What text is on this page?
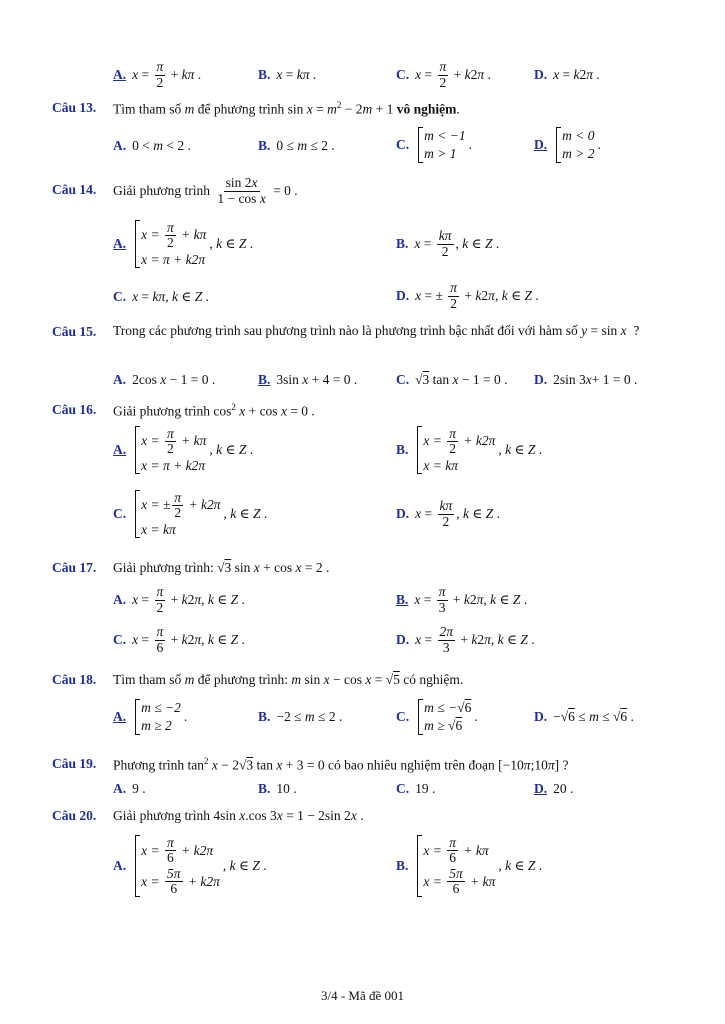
A. $x = \frac{\pi}{2} + k\pi$ .	B. x = kπ .	C. $x = \frac{\pi}{2} + k$ 2 π .	D. x = k 2 π .
Câu 13. Tìm tham số m để phương trình $\sin x = m^2 - 2m + 1$ vô nghiệm.
A. 0 < m < 2 .	B. 0 ≤ m ≤ 2 .	C.
m < −1
m > 1
.	D.
m < 0
m > 2
.
Câu 14. Giải phương trình $\frac{\sin 2x}{\text{1 − cos x}} = 0$ .
A.
$x = \frac{\pi}{2} + k\pi$
x = π + k2π
, k ∈ Z .	B. $x = \frac{k\pi}{2}$ , k ∈ Z .
C. x = kπ , k ∈ Z .	D. x = ± $\frac{\pi}{2} + k$ 2 π , k ∈ Z .
Câu 15. Trong các phương trình sau phương trình nào là phương trình bậc nhất đối với hàm số y = sin x  ?
A. 2cos x − 1 = 0 .	B. 3sin x + 4 = 0 .	C. √ 3 tan x − 1 = 0 . D. 2sin 3 x + 1 = 0 .
Câu 16. Giải phương trình $\cos^2 x + \cos x = 0$ .
A.
$x = \frac{\pi}{2} + k\pi$
x = π + k2π
, k ∈ Z .	B.
$x = \frac{\pi}{2} + k2\pi$
x = kπ
, k ∈ Z .
C.
x = ± $\frac{\pi}{2} + k2\pi$
x = kπ
, k ∈ Z .	D. $x = \frac{k\pi}{2}$ , k ∈ Z .
Câu 17. Giải phương trình: √3 sin x + cos x = 2 .
A. $x = \frac{\pi}{2} + k$ 2 π , k ∈ Z .	B. $x = \frac{\pi}{3} + k$ 2 π , k ∈ Z .
C. $x = \frac{\pi}{6} + k$ 2 π , k ∈ Z .	D. $x = \frac{2\pi}{3} + k$ 2 π , k ∈ Z .
Câu 18. Tìm tham số m để phương trình: m sin x − cos x = √5 có nghiệm.
A.
m ≤ −2
m ≥ 2
.	B. −2 ≤ m ≤ 2 .	C.
m ≤ −√ 6
m ≥ √ 6
.	D. −√ 6 ≤ m ≤ √ 6 .
Câu 19. Phương trình $\tan^2 x - 2√3$ tan x + 3 = 0 có bao nhiêu nghiệm trên đoạn [−10π;10π] ?
A. 9 .	B. 10 .	C. 19 .	D. 20 .
Câu 20. Giải phương trình 4sin x.cos 3x = 1 − 2sin 2x .
A.
$x = \frac{\pi}{6} + k2\pi$
$x = \frac{5\pi}{6} + k2\pi$
, k ∈ Z .	B.
$x = \frac{\pi}{6} + k\pi$
$x = \frac{5\pi}{6} + k\pi$
, k ∈ Z .
3/4 - Mã đề 001
